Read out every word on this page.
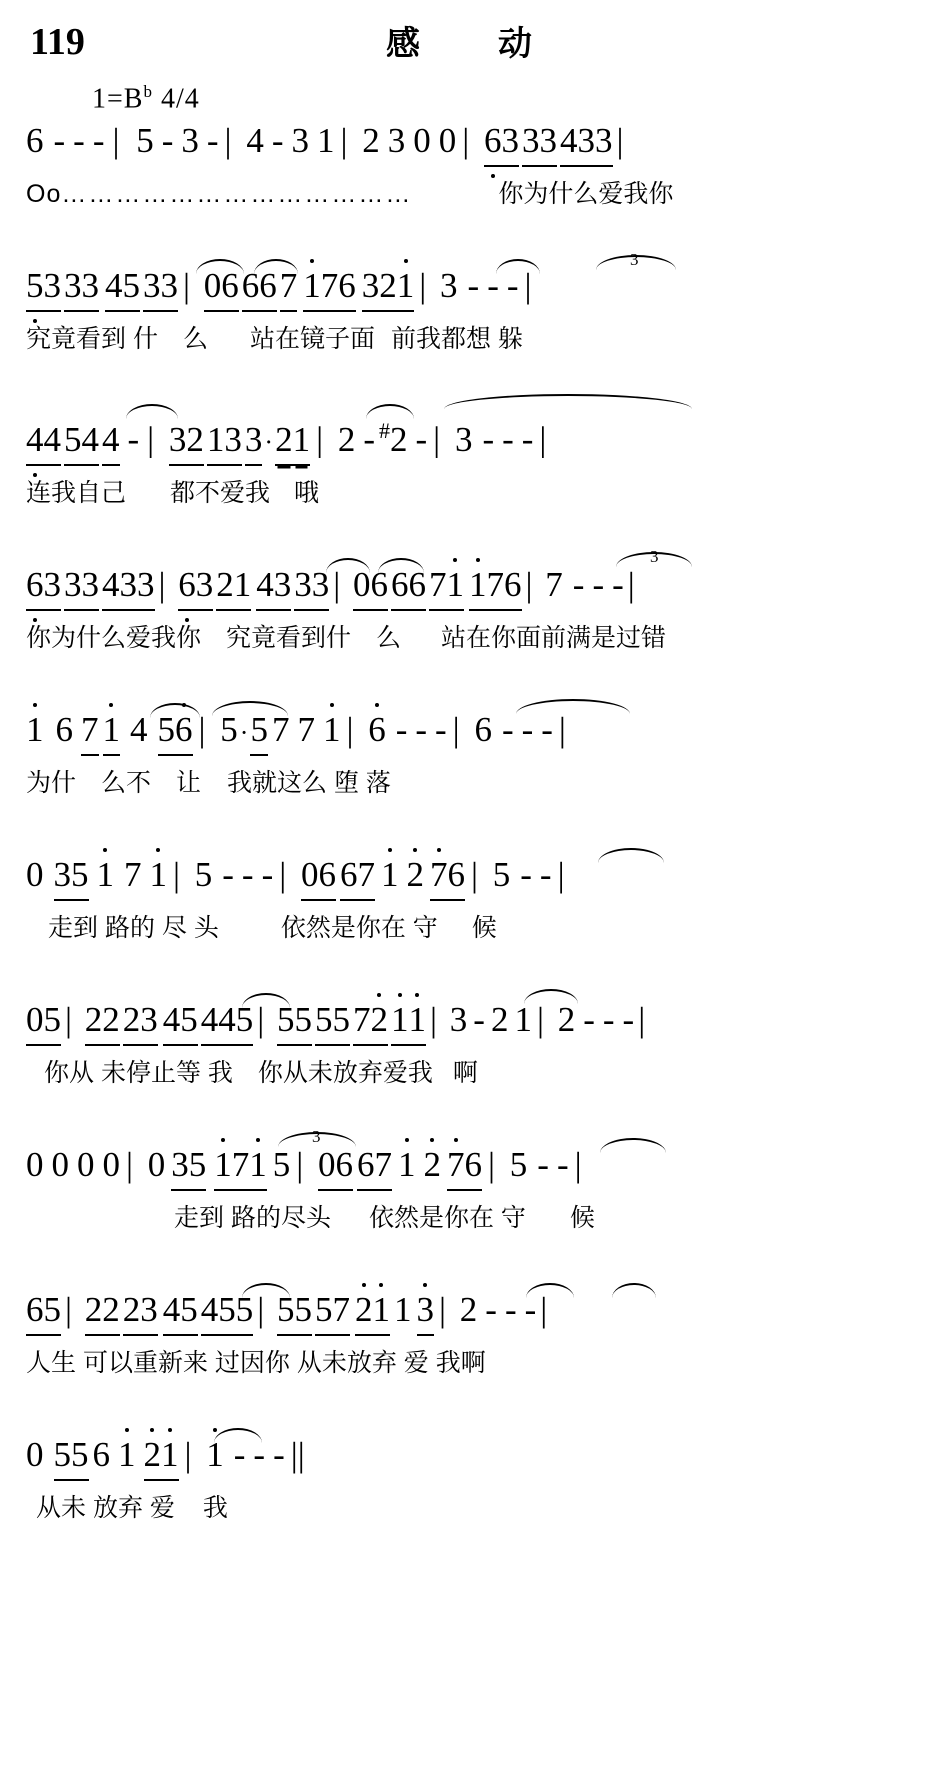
119	感　动
$1=B^b$ 4/4
6 - - - | 5 - 3 - | 4 - 3 1 | 2 3 0 0 | 6333433 |
Oo…………………………………	你为什么爱我你
3
5333 4533 | 06667 176 321 | 3 - - - |
究竟看到 什　么 站在镜子面 前我都想 躲
44544 - | 32133·21 | 2 - #2 - | 3 - - - |
连我自己 都不爱我 哦
3
6333433 | 6321 4333 | 066671 176 | 7 - - - |
你为什么爱我你　究竟看到什　么 站在你面前满是过错
1 6 7 1 4 56 | 5·5 7 7 1 | 6 - - - | 6 - - - |
为什　么不　让 我就这么 堕 落
0 35 1 7 1 | 5 - - - | 06 67 1 2 76 | 5 - - |
走到 路的 尽 头 依然是你在 守 候
05 | 2223 45445 | 55557211 | 3 - 2 1 | 2 - - - |
你从 未停止等 我　你从未放弃爱我 啊
3
0 0 0 0 | 0 35 171 5 | 06 67 1 2 76 | 5 - - |
走到 路的尽头 依然是你在 守 候
65 | 2223 45455 | 5557 21 1 3 | 2 - - - |
人生 可以重新来 过因你 从未放弃 爱 我啊
0 55 6 1 21 | 1 - - - ||
从未 放弃 爱 我
